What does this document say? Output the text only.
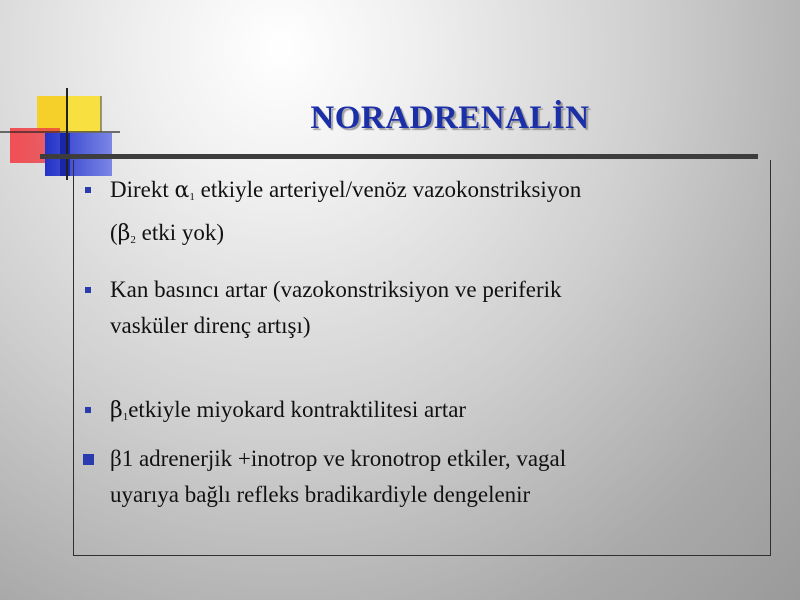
NORADRENALİN
Direkt $\alpha_1$ etkiyle arteriyel/venöz vazokonstriksiyon
($\beta_2$ etki yok)
Kan basıncı artar (vazokonstriksiyon ve periferik
vasküler direnç artışı)
$\beta_1etkiyle$ miyokard kontraktilitesi artar
β1 adrenerjik +inotrop ve kronotrop etkiler, vagal
uyarıya bağlı refleks bradikardiyle dengelenir
